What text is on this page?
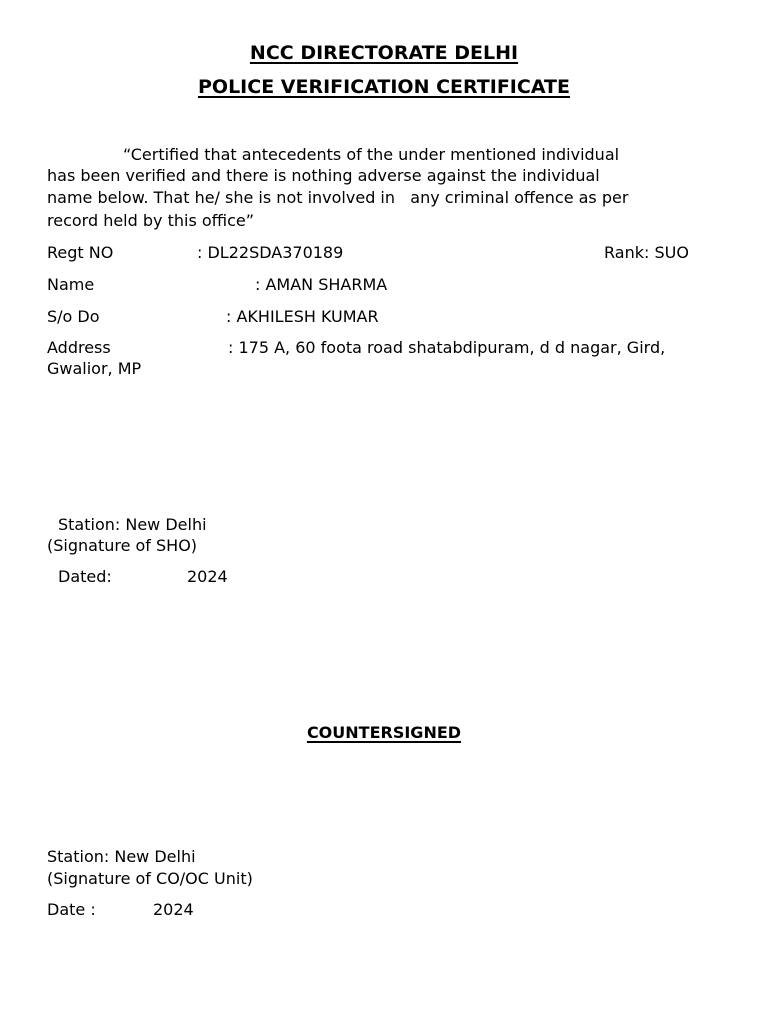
NCC DIRECTORATE DELHI
POLICE VERIFICATION CERTIFICATE
“Certified that antecedents of the under mentioned individual
has been verified and there is nothing adverse against the individual
name below. That he/ she is not involved in   any criminal offence as per
record held by this office”
Regt NO	: DL22SDA370189	Rank: SUO
Name	: AMAN SHARMA
S/o Do	: AKHILESH KUMAR
Address	: 175 A, 60 foota road shatabdipuram, d d nagar, Gird,
Gwalior, MP
Station: New Delhi
(Signature of SHO)
Dated:	2024
COUNTERSIGNED
Station: New Delhi
(Signature of CO/OC Unit)
Date :	2024
